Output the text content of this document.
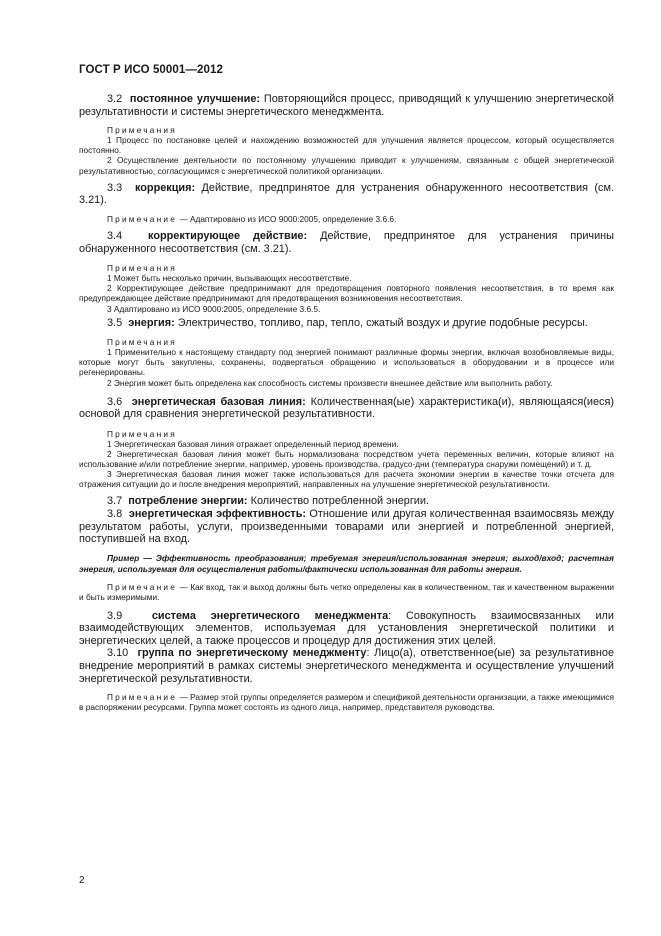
ГОСТ Р ИСО 50001—2012

3.2 постоянное улучшение: Повторяющийся процесс, приводящий к улучшению энергетической результативности и системы энергетического менеджмента.

Примечания

1 Процесс по постановке целей и нахождению возможностей для улучшения является процессом, который осуществляется постоянно.

2 Осуществление деятельности по постоянному улучшению приводит к улучшениям, связанным с общей энергетической результативностью, согласующимся с энергетической политикой организации.

3.3 коррекция: Действие, предпринятое для устранения обнаруженного несоответствия (см. 3.21).

Примечание — Адаптировано из ИСО 9000:2005, определение 3.6.6.

3.4 корректирующее действие: Действие, предпринятое для устранения причины обнаруженного несоответствия (см. 3.21).

Примечания

1 Может быть несколько причин, вызывающих несоответствие.

2 Корректирующее действие предпринимают для предотвращения повторного появления несоответствия, в то время как предупреждающее действие предпринимают для предотвращения возникновения несоответствия.

3 Адаптировано из ИСО 9000:2005, определение 3.6.5.

3.5 энергия: Электричество, топливо, пар, тепло, сжатый воздух и другие подобные ресурсы.

Примечания

1 Применительно к настоящему стандарту под энергией понимают различные формы энергии, включая возобновляемые виды, которые могут быть закуплены, сохранены, подвергаться обращению и использоваться в оборудовании и в процессе или регенерированы.

2 Энергия может быть определена как способность системы произвести внешнее действие или выполнить работу.

3.6 энергетическая базовая линия: Количественная(ые) характеристика(и), являющаяся(иеся) основой для сравнения энергетической результативности.

Примечания

1 Энергетическая базовая линия отражает определенный период времени.

2 Энергетическая базовая линия может быть нормализована посредством учета переменных величин, которые влияют на использование и/или потребление энергии, например, уровень производства, градусо-дни (температура снаружи помещений) и т. д.

3 Энергетическая базовая линия может также использоваться для расчета экономии энергии в качестве точки отсчета для отражения ситуации до и после внедрения мероприятий, направленных на улучшение энергетической результативности.

3.7 потребление энергии: Количество потребленной энергии.

3.8 энергетическая эффективность: Отношение или другая количественная взаимосвязь между результатом работы, услуги, произведенными товарами или энергией и потребленной энергией, поступившей на вход.

Пример — Эффективность преобразования; требуемая энергия/использованная энергия; выход/вход; расчетная энергия, используемая для осуществления работы/фактически использованная для работы энергия.

Примечание — Как вход, так и выход должны быть четко определены как в количественном, так и качественном выражении и быть измеримыми.

3.9	система энергетического менеджмента: Совокупность взаимосвязанных или взаимодействующих элементов, используемая для установления энергетической политики и энергетических целей, а также процессов и процедур для достижения этих целей.

3.10 группа по энергетическому менеджменту: Лицо(а), ответственное(ые) за результативное внедрение мероприятий в рамках системы энергетического менеджмента и осуществление улучшений энергетической результативности.

Примечание — Размер этой группы определяется размером и спецификой деятельности организации, а также имеющимися в распоряжении ресурсами. Группа может состоять из одного лица, например, представителя руководства.

2
